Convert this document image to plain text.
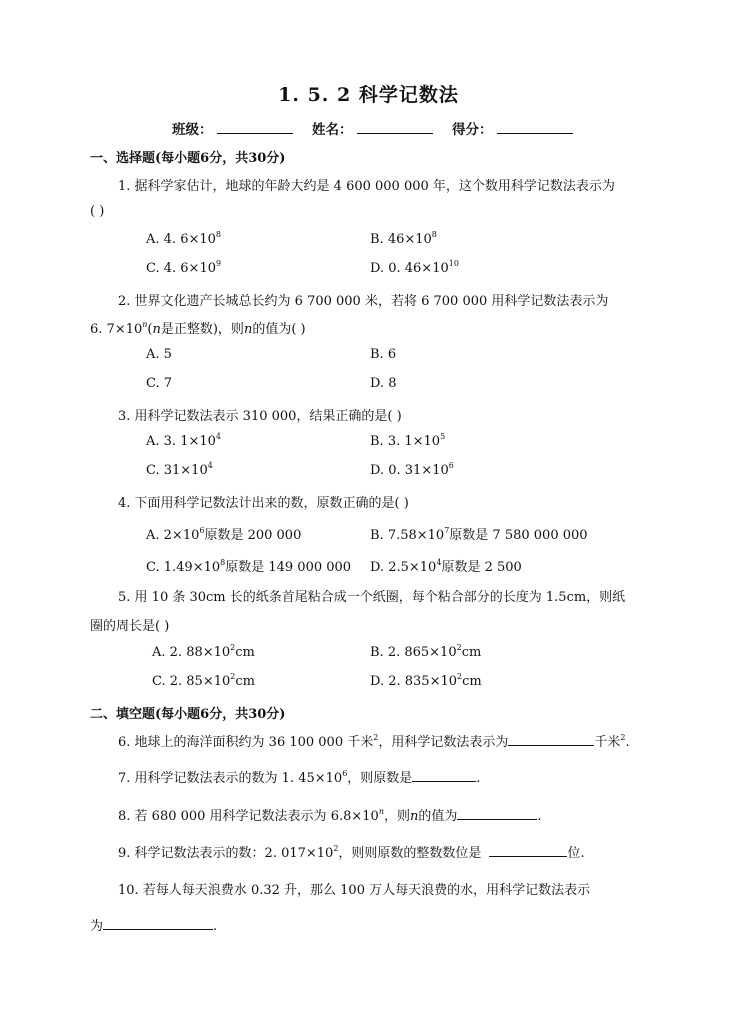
1. 5. 2 科学记数法
班级：	姓名：	得分：
一、选择题(每小题6分，共30分)
1. 据科学家估计，地球的年龄大约是 4 600 000 000 年，这个数用科学记数法表示为
( )
A. 4. $6\times 10^8$	B. $46\times 10^8$
C. 4. $6\times 10^9$	D. 0. $46\times 10^{10}$
2. 世界文化遗产长城总长约为 6 700 000 米，若将 6 700 000 用科学记数法表示为
6. $7\times 10^n(n$是正整数)，则n的值为( )
A. 5	B. 6
C. 7	D. 8
3. 用科学记数法表示 310 000，结果正确的是( )
A. 3. $1\times 10^4$	B. 3. $1\times 10^5$
C. $31\times 10^4$	D. 0. $31\times 10^6$
4. 下面用科学记数法计出来的数，原数正确的是( )
A. $2\times 10^6$原数是 200 000	B. $7.58\times 10^7$原数是 7 580 000 000
C. $1.49\times 10^8$原数是 149 000 000 D. $2.5\times 10^4$原数是 2 500
5. 用 10 条 30cm 长的纸条首尾粘合成一个纸圈，每个粘合部分的长度为 1.5cm，则纸
圈的周长是( )
A. 2. $88\times 10^2cm$	B. 2. $865\times 10^2cm$
C. 2. $85\times 10^2cm$	D. 2. $835\times 10^2cm$
二、填空题(每小题6分，共30分)
6. 地球上的海洋面积约为 36 100 000 千米$^2$，用科学记数法表示为	千米$^2$.
7. 用科学记数法表示的数为 1. $45\times 10^6$，则原数是	.
8. 若 680 000 用科学记数法表示为 $6.8\times 10^n$，则n的值为	.
9. 科学记数法表示的数：2. $017\times 10^2$，则则原数的整数数位是	位.
10. 若每人每天浪费水 0.32 升，那么 100 万人每天浪费的水，用科学记数法表示
为	.
